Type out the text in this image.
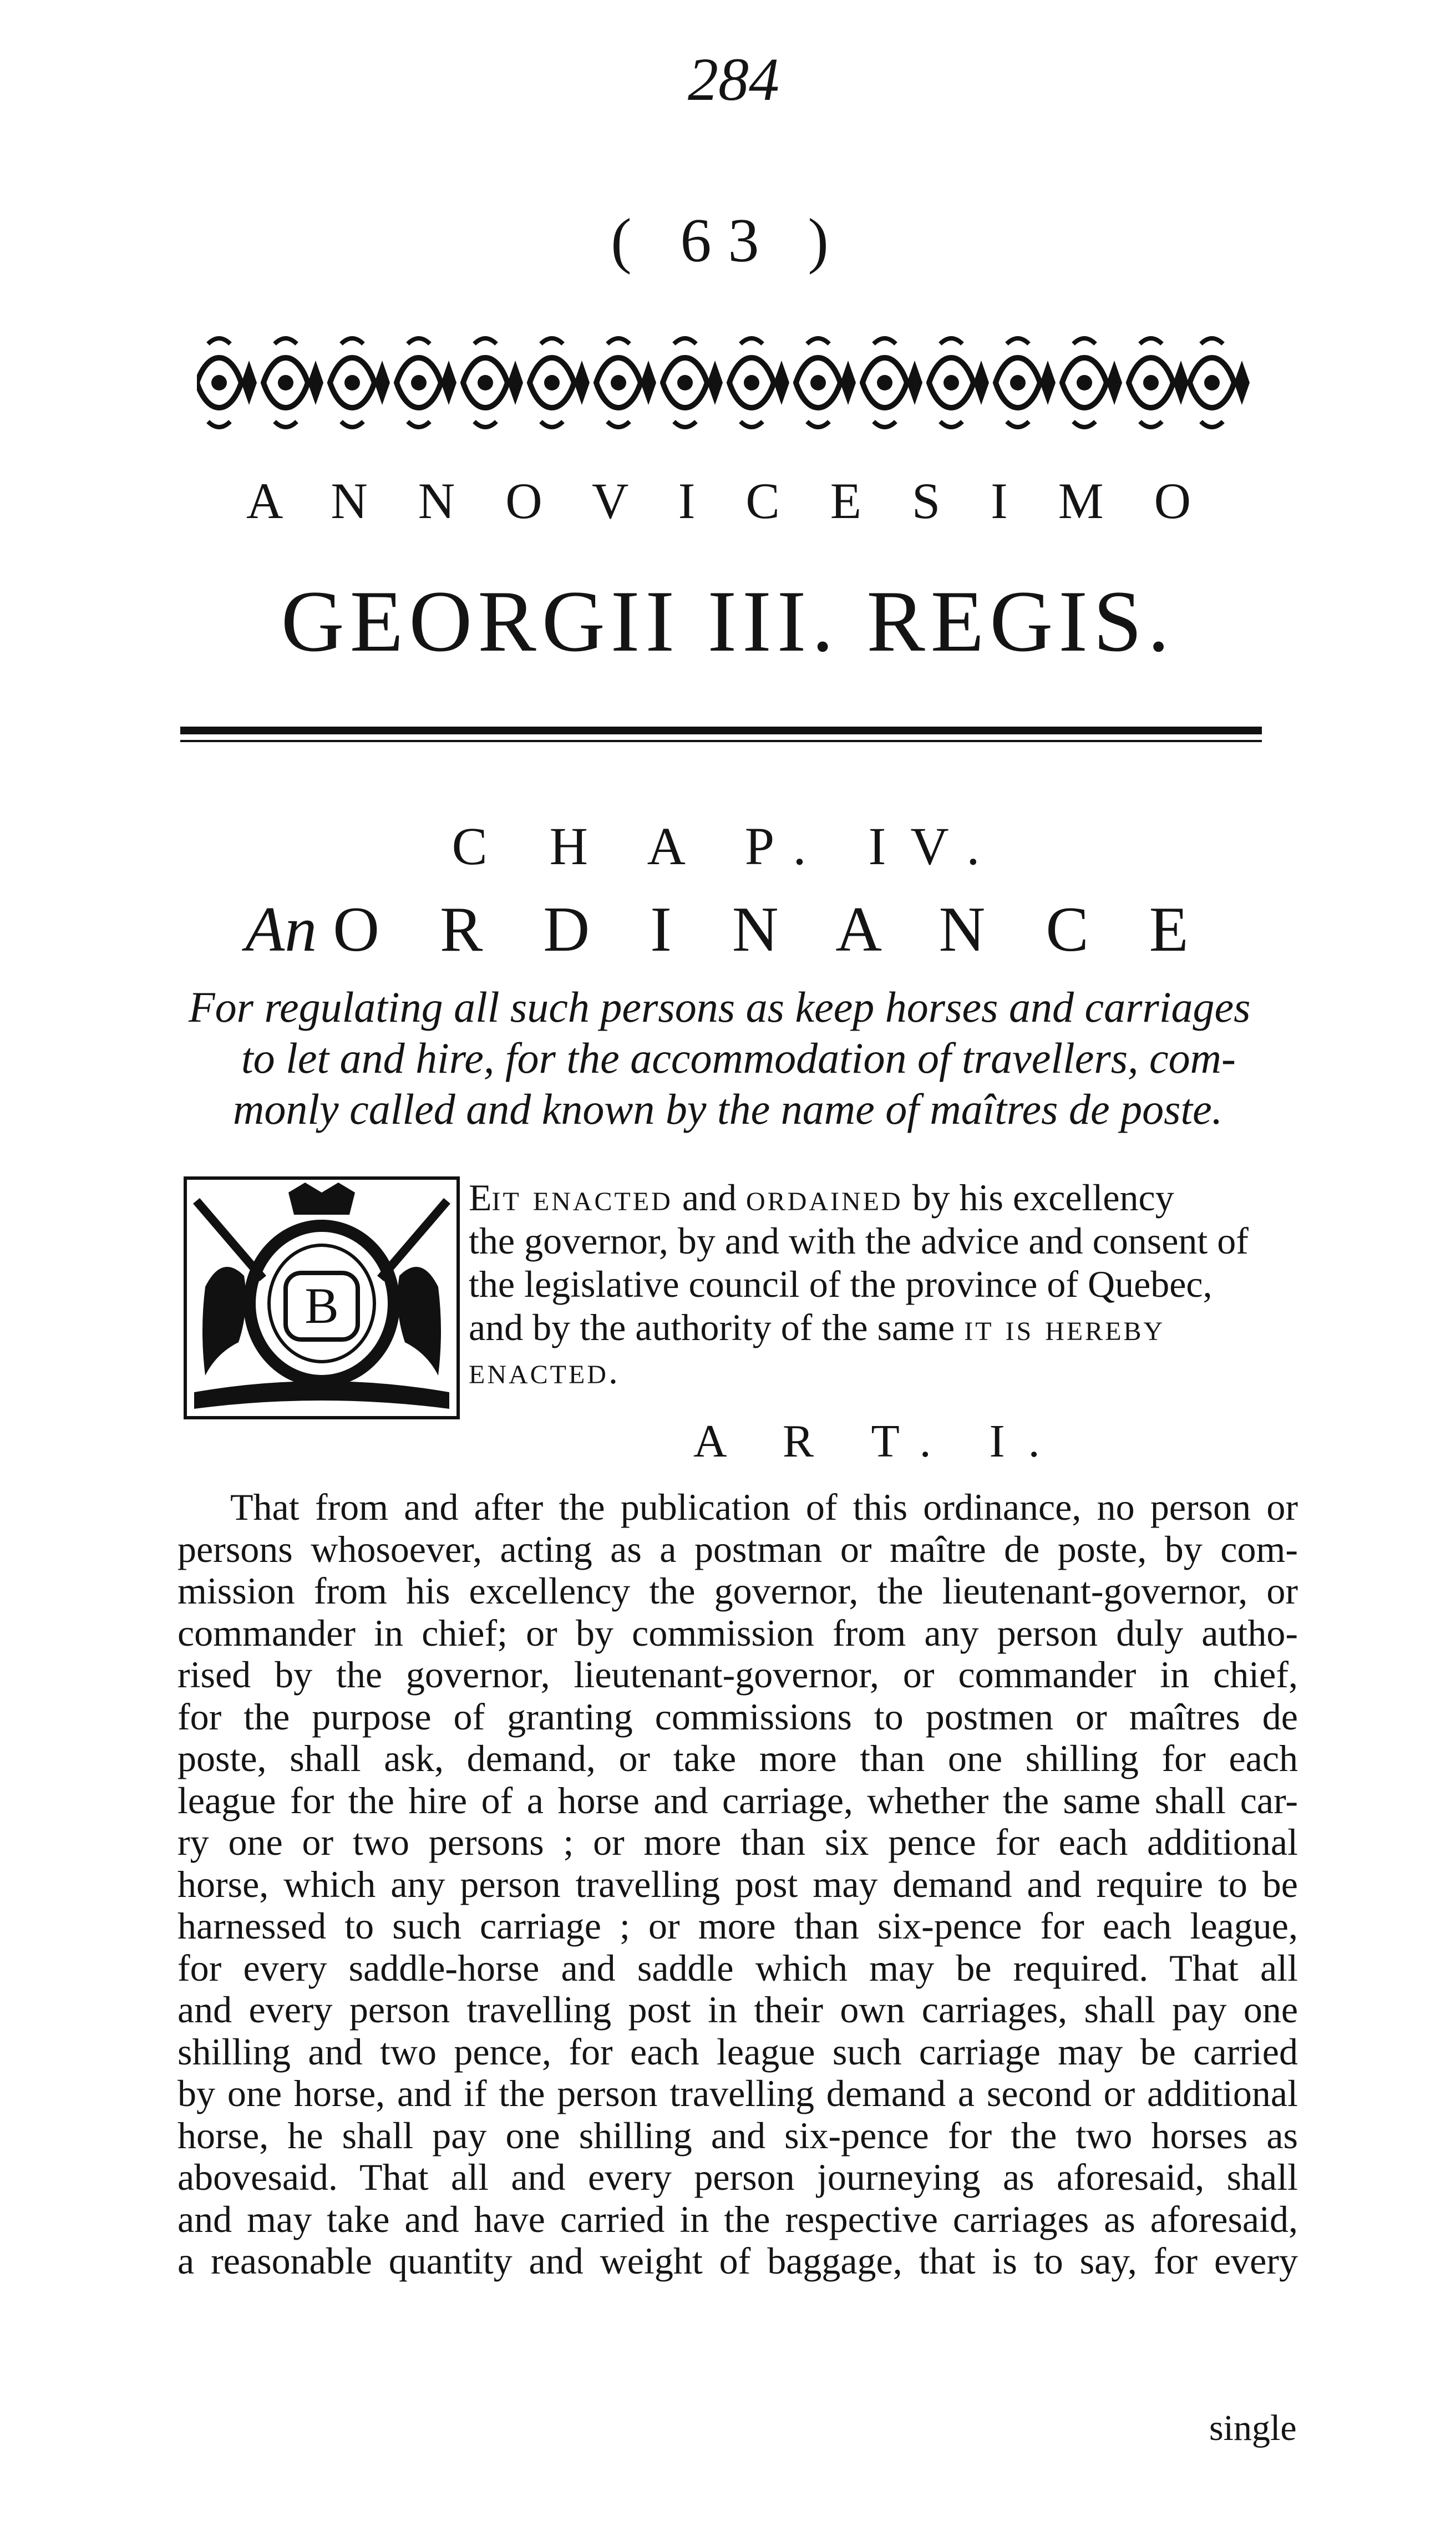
284
( 63 )
A N N O V I C E S I M O
GEORGII III. REGIS.
C H A P. IV.
An O R D I N A N C E
For regulating all such persons as keep horses and carriages
to let and hire, for the accommodation of travellers, com-
monly called and known by the name of maîtres de poste.
B
Eit enacted and ordained by his excellency
the governor, by and with the advice and consent of
the legislative council of the province of Quebec,
and by the authority of the same it is hereby
enacted.
A R T. I.
That from and after the publication of this ordinance, no person or
persons whosoever, acting as a postman or maître de poste, by com-
mission from his excellency the governor, the lieutenant-governor, or
commander in chief; or by commission from any person duly autho-
rised by the governor, lieutenant-governor, or commander in chief,
for the purpose of granting commissions to postmen or maîtres de
poste, shall ask, demand, or take more than one shilling for each
league for the hire of a horse and carriage, whether the same shall car-
ry one or two persons ; or more than six pence for each additional
horse, which any person travelling post may demand and require to be
harnessed to such carriage ; or more than six-pence for each league,
for every saddle-horse and saddle which may be required. That all
and every person travelling post in their own carriages, shall pay one
shilling and two pence, for each league such carriage may be carried
by one horse, and if the person travelling demand a second or additional
horse, he shall pay one shilling and six-pence for the two horses as
abovesaid. That all and every person journeying as aforesaid, shall
and may take and have carried in the respective carriages as aforesaid,
a reasonable quantity and weight of baggage, that is to say, for every
single
